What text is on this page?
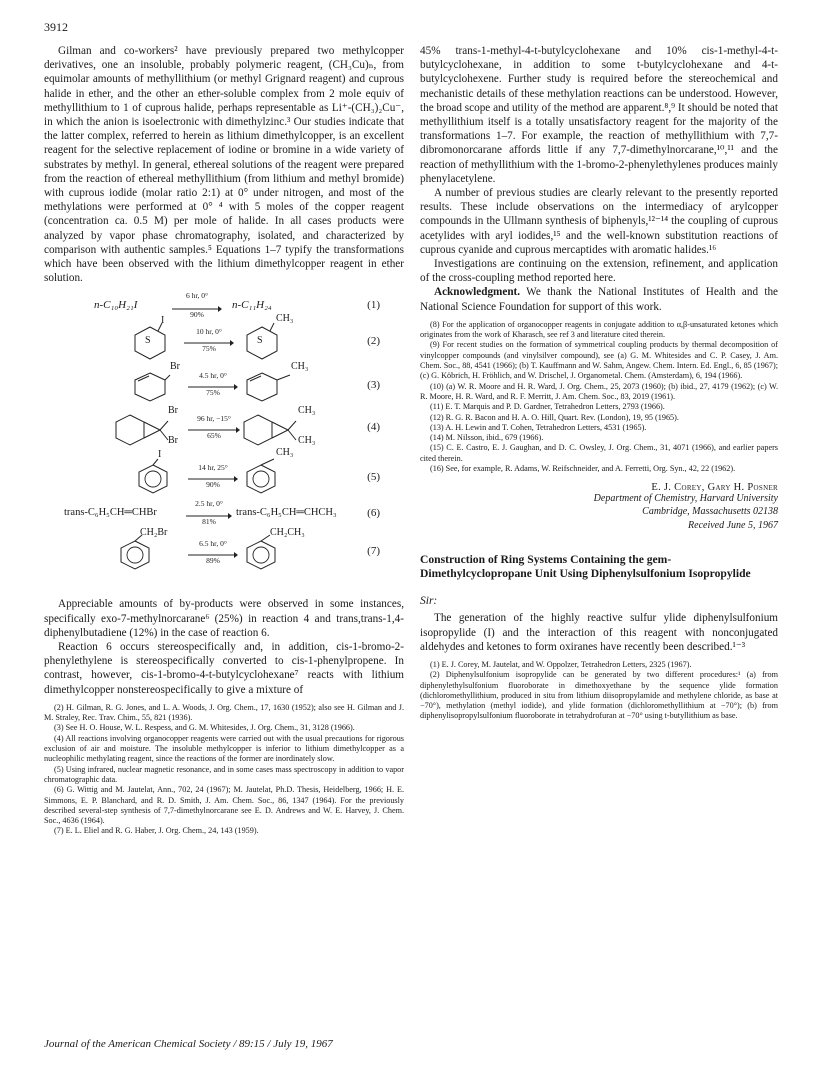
3912

Gilman and co-workers² have previously prepared two methylcopper derivatives, one an insoluble, probably polymeric reagent, (CH₃Cu)ₙ, from equimolar amounts of methyllithium (or methyl Grignard reagent) and cuprous halide in ether, and the other an ether-soluble complex from 2 mole equiv of methyllithium to 1 of cuprous halide, perhaps representable as Li⁺-(CH₃)₂Cu⁻, in which the anion is isoelectronic with dimethylzinc.³ Our studies indicate that the latter complex, referred to herein as lithium dimethylcopper, is an excellent reagent for the selective replacement of iodine or bromine in a wide variety of substrates by methyl. In general, ethereal solutions of the reagent were prepared from the reaction of ethereal methyllithium (from lithium and methyl bromide) with cuprous iodide (molar ratio 2:1) at 0° under nitrogen, and most of the methylations were performed at 0° ⁴ with 5 moles of the copper reagent (concentration ca. 0.5 M) per mole of halide. In all cases products were analyzed by vapor phase chromatography, isolated, and characterized by comparison with authentic samples.⁵ Equations 1–7 typify the transformations which have been observed with the lithium dimethylcopper reagent in ether solution.

n-C₁₀H₂₁I
6 hr, 0°
90%
n-C₁₁H₂₄	(1)
S
I
10 hr, 0°
75%
S
CH₃
(2)
Br
4.5 hr, 0°
75%
CH₃
(3)
Br
Br
96 hr, −15°
65%
CH₃
CH₃
(4)
I
14 hr, 25°
90%
CH₃
(5)
trans-C₆H₅CH═CHBr
2.5 hr, 0°
81%
trans-C₆H₅CH═CHCH₃	(6)
CH₂Br
6.5 hr, 0°
89%
CH₂CH₃
(7)

Appreciable amounts of by-products were observed in some instances, specifically exo-7-methylnorcarane⁶ (25%) in reaction 4 and trans,trans-1,4-diphenylbutadiene (12%) in the case of reaction 6.

Reaction 6 occurs stereospecifically and, in addition, cis-1-bromo-2-phenylethylene is stereospecifically converted to cis-1-phenylpropene. In contrast, however, cis-1-bromo-4-t-butylcyclohexane⁷ reacts with lithium dimethylcopper nonstereospecifically to give a mixture of

(2) H. Gilman, R. G. Jones, and L. A. Woods, J. Org. Chem., 17, 1630 (1952); also see H. Gilman and J. M. Straley, Rec. Trav. Chim., 55, 821 (1936).

(3) See H. O. House, W. L. Respess, and G. M. Whitesides, J. Org. Chem., 31, 3128 (1966).

(4) All reactions involving organocopper reagents were carried out with the usual precautions for rigorous exclusion of air and moisture. The insoluble methylcopper is inferior to lithium dimethylcopper as a nucleophilic methylating reagent, since the reactions of the former are inordinately slow.

(5) Using infrared, nuclear magnetic resonance, and in some cases mass spectroscopy in addition to vapor chromatographic data.

(6) G. Wittig and M. Jautelat, Ann., 702, 24 (1967); M. Jautelat, Ph.D. Thesis, Heidelberg, 1966; H. E. Simmons, E. P. Blanchard, and R. D. Smith, J. Am. Chem. Soc., 86, 1347 (1964). For the previously described several-step synthesis of 7,7-dimethylnorcarane see E. D. Andrews and W. E. Harvey, J. Chem. Soc., 4636 (1964).

(7) E. L. Eliel and R. G. Haber, J. Org. Chem., 24, 143 (1959).

45% trans-1-methyl-4-t-butylcyclohexane and 10% cis-1-methyl-4-t-butylcyclohexane, in addition to some t-butylcyclohexane and 4-t-butylcyclohexene. Further study is required before the stereochemical and mechanistic details of these methylation reactions can be understood. However, the broad scope and utility of the method are apparent.⁸,⁹ It should be noted that methyllithium itself is a totally unsatisfactory reagent for the majority of the transformations 1–7. For example, the reaction of methyllithium with 7,7-dibromonorcarane affords little if any 7,7-dimethylnorcarane,¹⁰,¹¹ and the reaction of methyllithium with the 1-bromo-2-phenylethylenes produces mainly phenylacetylene.

A number of previous studies are clearly relevant to the presently reported results. These include observations on the intermediacy of arylcopper compounds in the Ullmann synthesis of biphenyls,¹²⁻¹⁴ the coupling of cuprous acetylides with aryl iodides,¹⁵ and the well-known substitution reactions of cuprous cyanide and cuprous mercaptides with aromatic halides.¹⁶

Investigations are continuing on the extension, refinement, and application of the cross-coupling method reported here.

Acknowledgment. We thank the National Institutes of Health and the National Science Foundation for support of this work.

(8) For the application of organocopper reagents in conjugate addition to α,β-unsaturated ketones which originates from the work of Kharasch, see ref 3 and literature cited therein.

(9) For recent studies on the formation of symmetrical coupling products by thermal decomposition of vinylcopper compounds (and vinylsilver compound), see (a) G. M. Whitesides and C. P. Casey, J. Am. Chem. Soc., 88, 4541 (1966); (b) T. Kauffmann and W. Sahm, Angew. Chem. Intern. Ed. Engl., 6, 85 (1967); (c) G. Köbrich, H. Fröhlich, and W. Drischel, J. Organometal. Chem. (Amsterdam), 6, 194 (1966).

(10) (a) W. R. Moore and H. R. Ward, J. Org. Chem., 25, 2073 (1960); (b) ibid., 27, 4179 (1962); (c) W. R. Moore, H. R. Ward, and R. F. Merritt, J. Am. Chem. Soc., 83, 2019 (1961).

(11) E. T. Marquis and P. D. Gardner, Tetrahedron Letters, 2793 (1966).

(12) R. G. R. Bacon and H. A. O. Hill, Quart. Rev. (London), 19, 95 (1965).

(13) A. H. Lewin and T. Cohen, Tetrahedron Letters, 4531 (1965).

(14) M. Nilsson, ibid., 679 (1966).

(15) C. E. Castro, E. J. Gaughan, and D. C. Owsley, J. Org. Chem., 31, 4071 (1966), and earlier papers cited therein.

(16) See, for example, R. Adams, W. Reifschneider, and A. Ferretti, Org. Syn., 42, 22 (1962).

E. J. Corey, Gary H. Posner
Department of Chemistry, Harvard University
Cambridge, Massachusetts 02138
Received June 5, 1967
Construction of Ring Systems Containing the gem-Dimethylcyclopropane Unit Using Diphenylsulfonium Isopropylide
Sir:

The generation of the highly reactive sulfur ylide diphenylsulfonium isopropylide (I) and the interaction of this reagent with nonconjugated aldehydes and ketones to form oxiranes have recently been described.¹⁻³

(1) E. J. Corey, M. Jautelat, and W. Oppolzer, Tetrahedron Letters, 2325 (1967).

(2) Diphenylsulfonium isopropylide can be generated by two different procedures:¹ (a) from diphenylethylsulfonium fluoroborate in dimethoxyethane by the sequence ylide formation (dichloromethyllithium, produced in situ from lithium diisopropylamide and methylene chloride, as base at −70°), methylation (methyl iodide), and ylide formation (dichloromethyllithium at −70°); (b) from diphenylisopropylsulfonium fluoroborate in tetrahydrofuran at −70° using t-butyllithium as base.

Journal of the American Chemical Society / 89:15 / July 19, 1967
